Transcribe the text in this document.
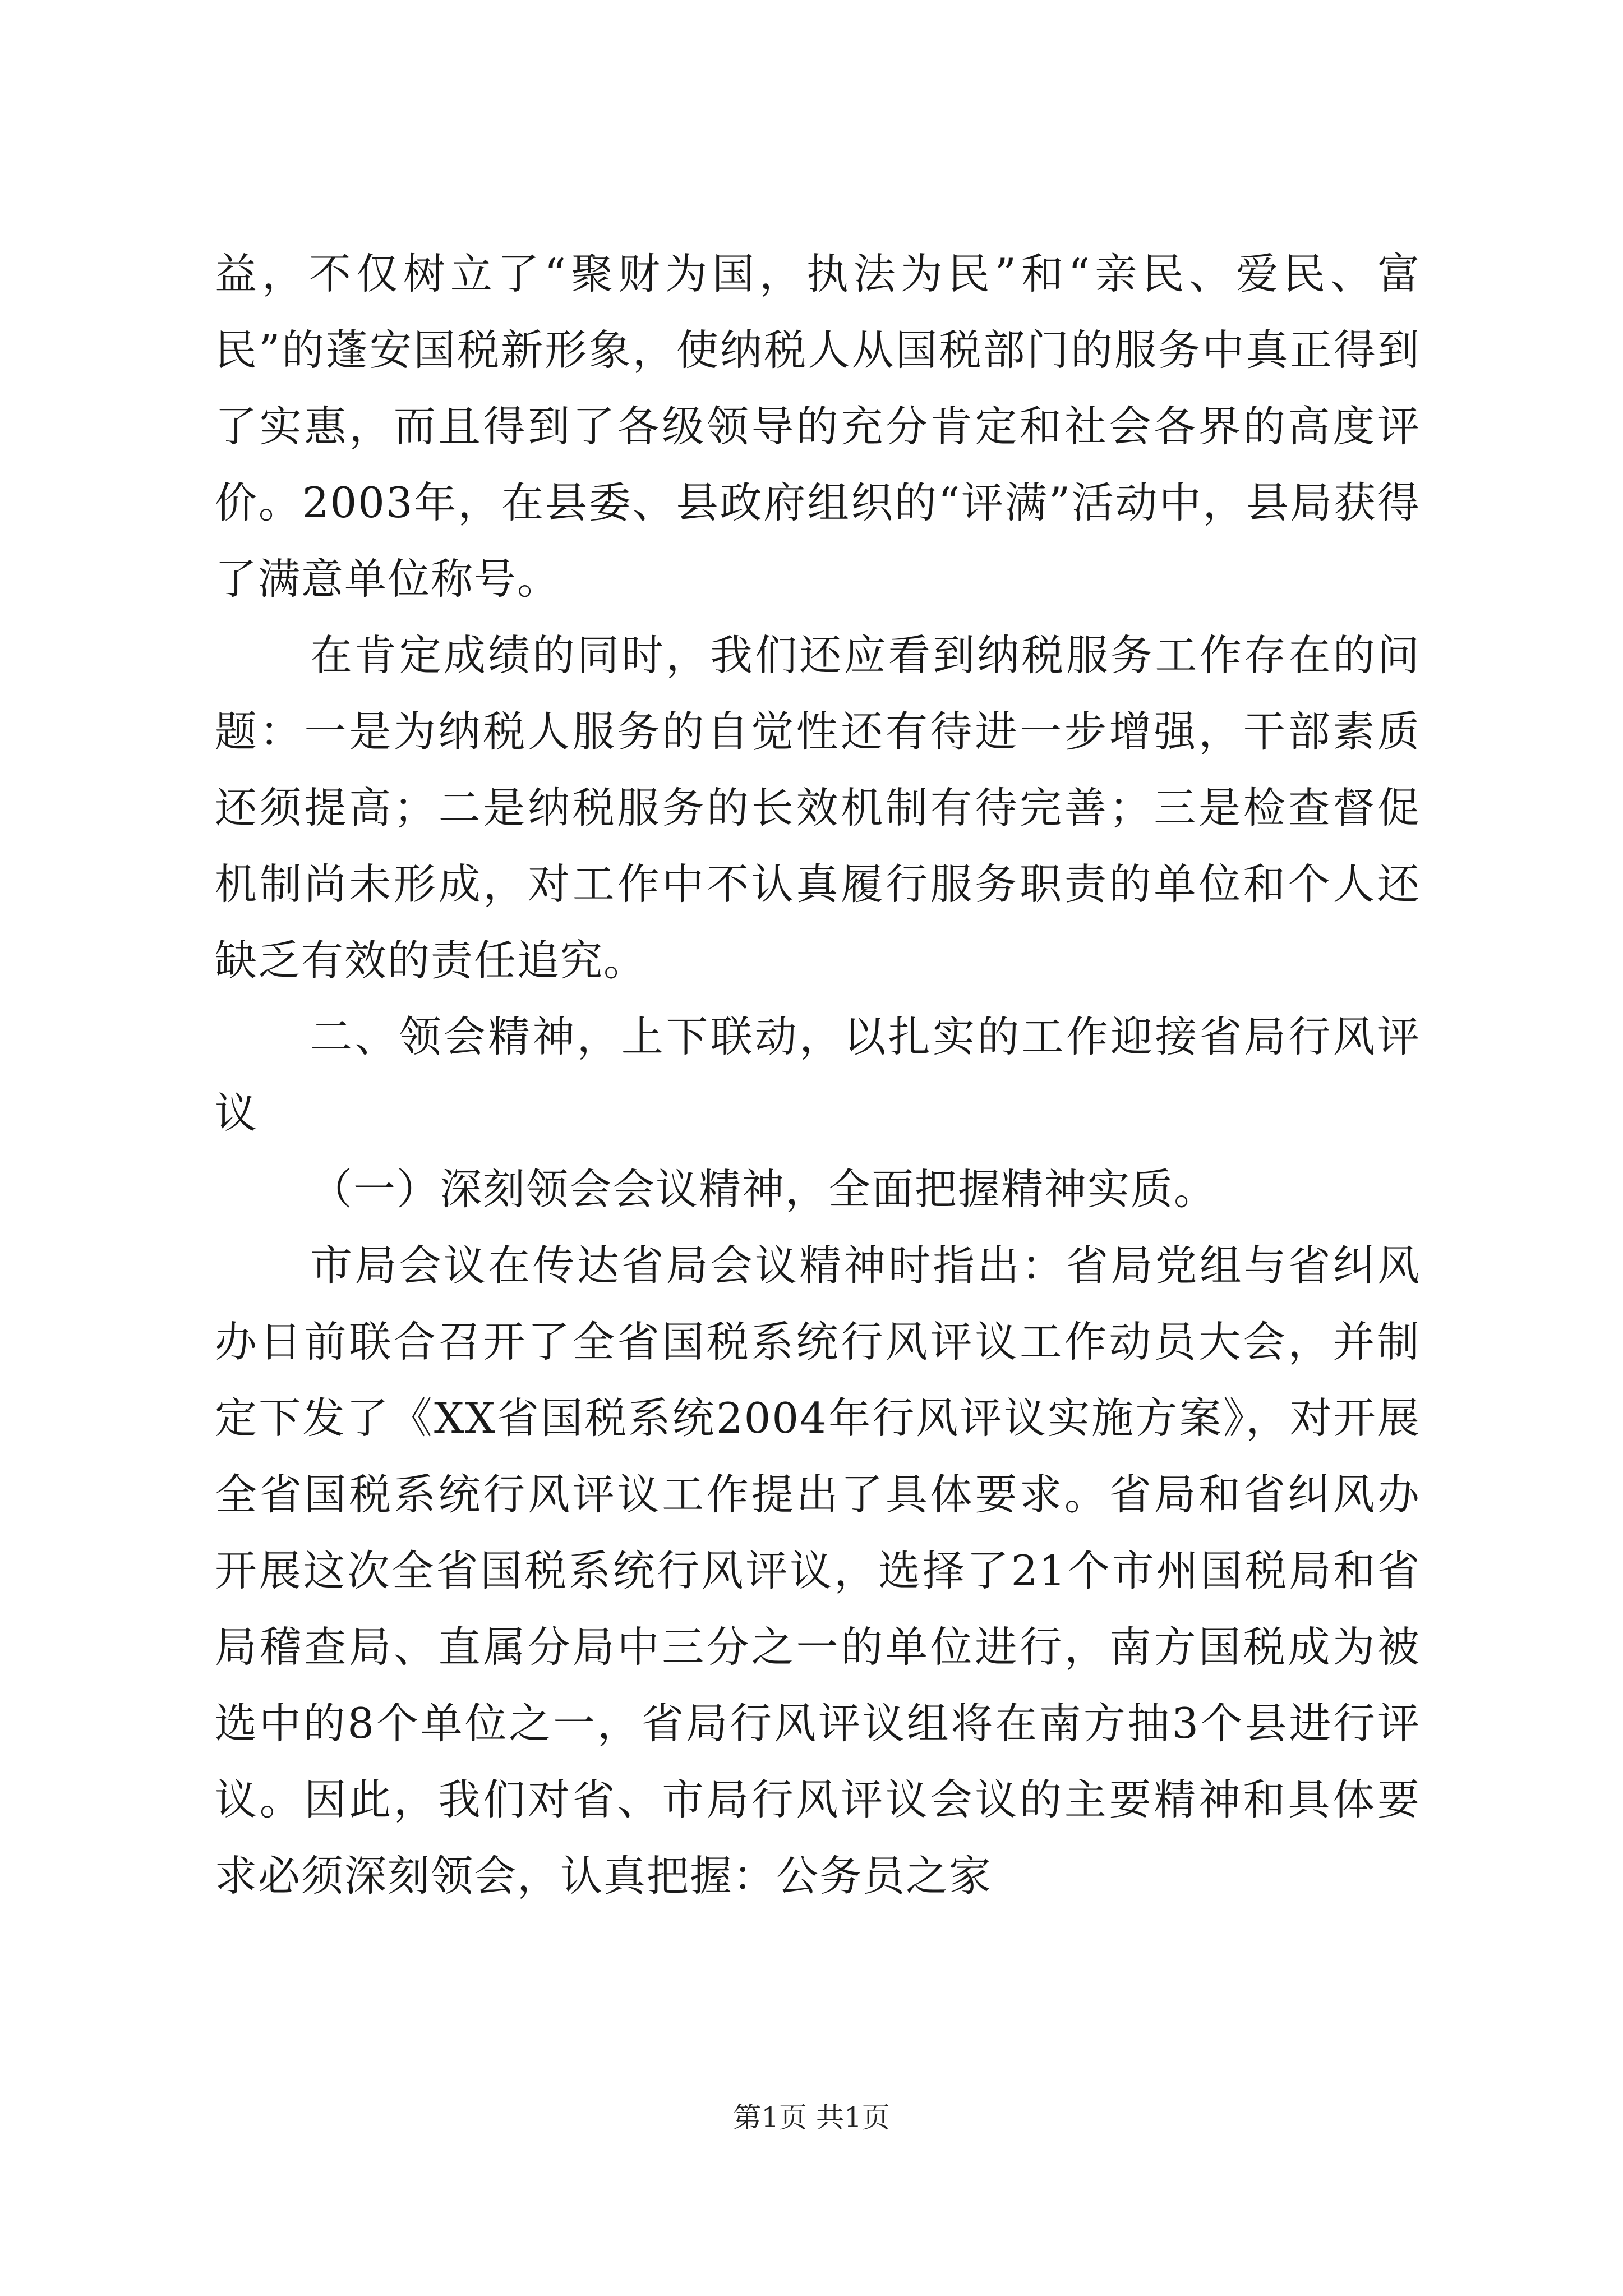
益，不仅树立了“聚财为国，执法为民”和“亲民、爱民、富民”的蓬安国税新形象，使纳税人从国税部门的服务中真正得到了实惠，而且得到了各级领导的充分肯定和社会各界的高度评价。2003年，在县委、县政府组织的“评满”活动中，县局获得了满意单位称号。

在肯定成绩的同时，我们还应看到纳税服务工作存在的问题：一是为纳税人服务的自觉性还有待进一步增强，干部素质还须提高；二是纳税服务的长效机制有待完善；三是检查督促机制尚未形成，对工作中不认真履行服务职责的单位和个人还缺乏有效的责任追究。

二、领会精神，上下联动，以扎实的工作迎接省局行风评议

（一）深刻领会会议精神，全面把握精神实质。

市局会议在传达省局会议精神时指出：省局党组与省纠风办日前联合召开了全省国税系统行风评议工作动员大会，并制定下发了《XX省国税系统2004年行风评议实施方案》，对开展全省国税系统行风评议工作提出了具体要求。省局和省纠风办开展这次全省国税系统行风评议，选择了21个市州国税局和省局稽查局、直属分局中三分之一的单位进行，南方国税成为被选中的8个单位之一，省局行风评议组将在南方抽3个县进行评议。因此，我们对省、市局行风评议会议的主要精神和具体要求必须深刻领会，认真把握：公务员之家

第1页 共1页
